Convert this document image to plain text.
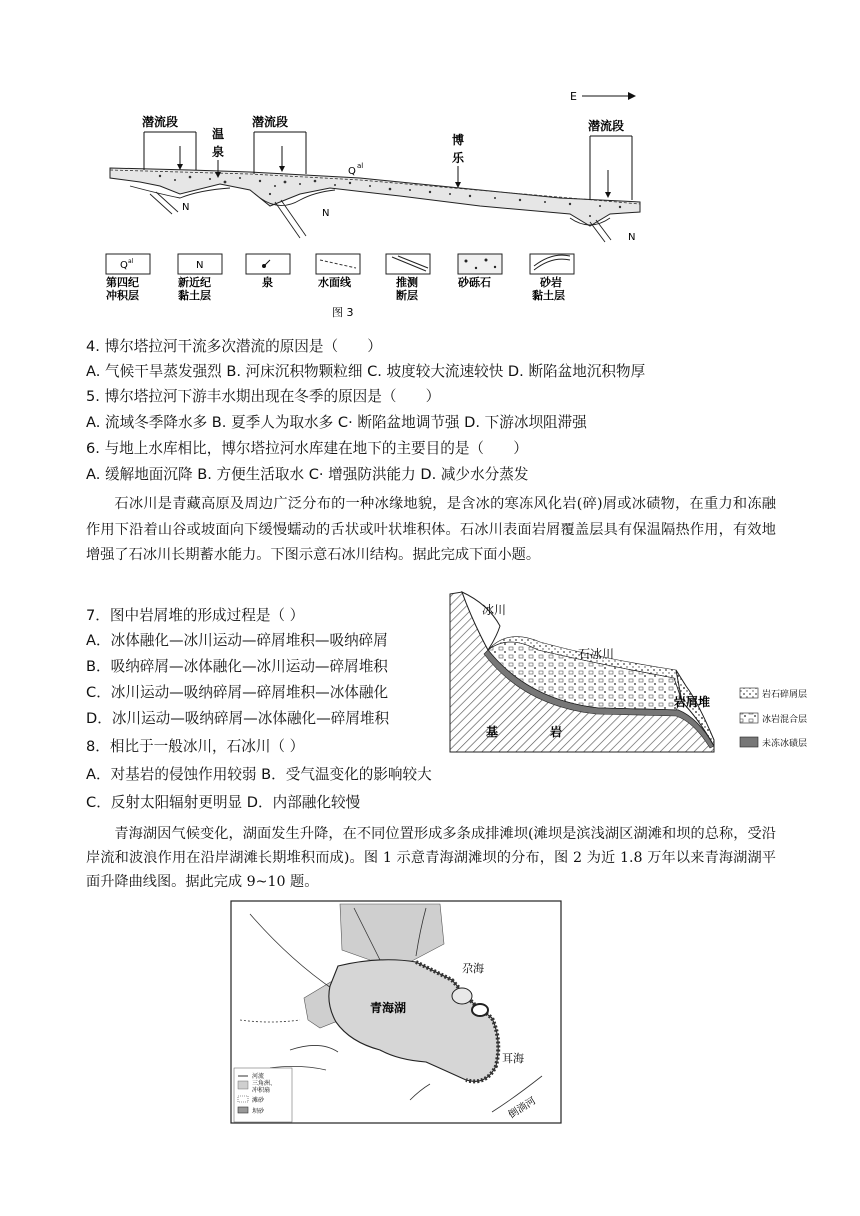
E
N
N
N
潜流段
温
泉
潜流段
Q al
博
乐
潜流段
Q al
第四纪
冲积层
N
新近纪
黏土层
泉	水面线	推测
断层
砂砾石	砂岩
黏土层
图 3
4. 博尔塔拉河干流多次潜流的原因是（　　）
A. 气候干旱蒸发强烈 B. 河床沉积物颗粒细 C. 坡度较大流速较快 D. 断陷盆地沉积物厚
5. 博尔塔拉河下游丰水期出现在冬季的原因是（　　）
A. 流域冬季降水多 B. 夏季人为取水多 C· 断陷盆地调节强 D. 下游冰坝阻滞强
6. 与地上水库相比，博尔塔拉河水库建在地下的主要目的是（　　）
A. 缓解地面沉降 B. 方便生活取水 C· 增强防洪能力 D. 减少水分蒸发
石冰川是青藏高原及周边广泛分布的一种冰缘地貌，是含冰的寒冻风化岩(碎)屑或冰碛物，在重力和冻融作用下沿着山谷或坡面向下缓慢蠕动的舌状或叶状堆积体。石冰川表面岩屑覆盖层具有保温隔热作用，有效地增强了石冰川长期蓄水能力。下图示意石冰川结构。据此完成下面小题。
7．图中岩屑堆的形成过程是（ ）
A．冰体融化—冰川运动—碎屑堆积—吸纳碎屑
B．吸纳碎屑—冰体融化—冰川运动—碎屑堆积
C．冰川运动—吸纳碎屑—碎屑堆积—冰体融化
D．冰川运动—吸纳碎屑—冰体融化—碎屑堆积
8．相比于一般冰川，石冰川（ ）
A．对基岩的侵蚀作用较弱 B．受气温变化的影响较大
C．反射太阳辐射更明显 D．内部融化较慢
冰川
石冰川
岩屑堆
基	岩
岩石碎屑层
冰岩混合层
未冻冰碛层
青海湖因气候变化，湖面发生升降，在不同位置形成多条成排滩坝(滩坝是滨浅湖区湖滩和坝的总称，受沿岸流和波浪作用在沿岸湖滩长期堆积而成)。图 1 示意青海湖滩坝的分布，图 2 为近 1.8 万年以来青海湖湖平面升降曲线图。据此完成 9~10 题。
青海湖
尕海
耳海
倒淌河
河流
三角洲、
冲积扇
滩砂
坝砂
